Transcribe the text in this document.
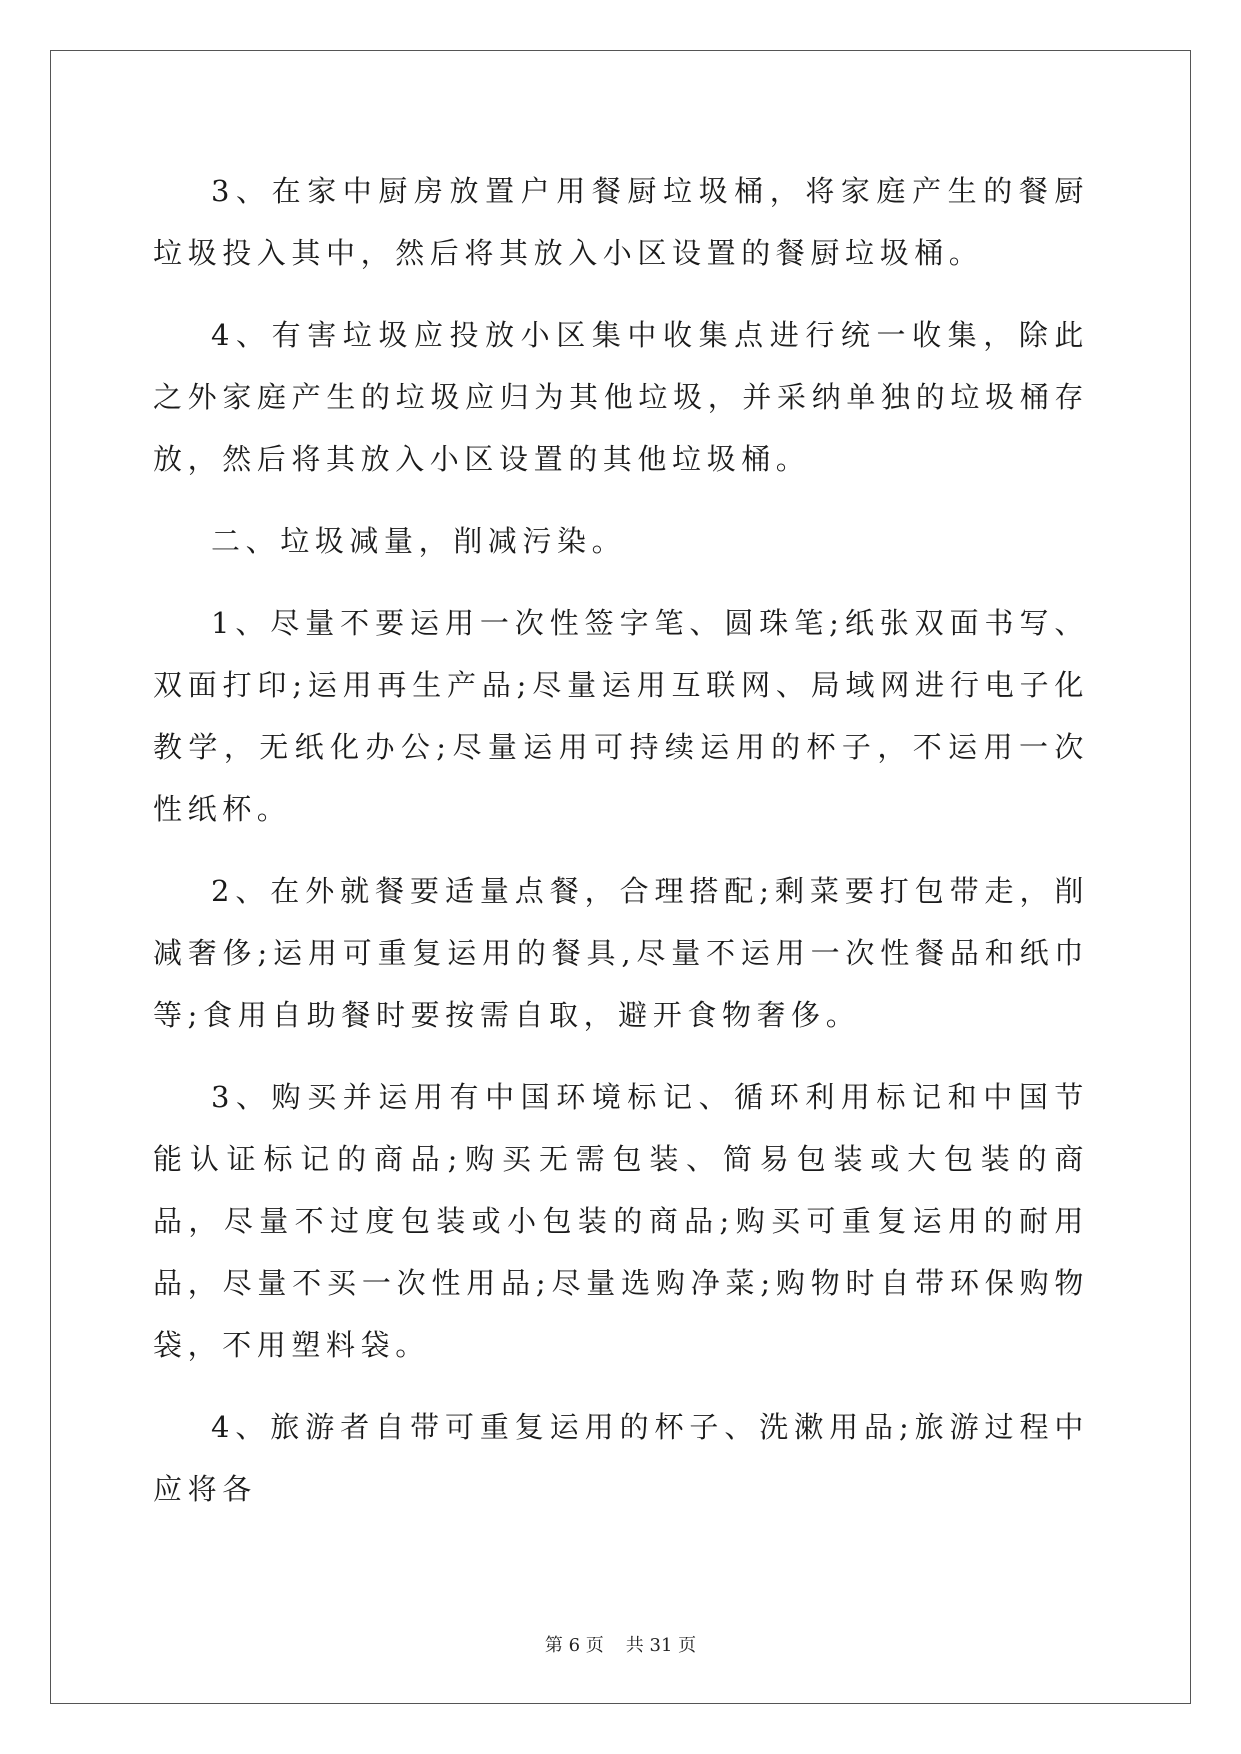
3、在家中厨房放置户用餐厨垃圾桶，将家庭产生的餐厨垃圾投入其中，然后将其放入小区设置的餐厨垃圾桶。

4、有害垃圾应投放小区集中收集点进行统一收集，除此之外家庭产生的垃圾应归为其他垃圾，并采纳单独的垃圾桶存放，然后将其放入小区设置的其他垃圾桶。

二、垃圾减量，削减污染。

1、尽量不要运用一次性签字笔、圆珠笔;纸张双面书写、双面打印;运用再生产品;尽量运用互联网、局域网进行电子化教学，无纸化办公;尽量运用可持续运用的杯子，不运用一次性纸杯。

2、在外就餐要适量点餐，合理搭配;剩菜要打包带走，削减奢侈;运用可重复运用的餐具,尽量不运用一次性餐品和纸巾等;食用自助餐时要按需自取，避开食物奢侈。

3、购买并运用有中国环境标记、循环利用标记和中国节能认证标记的商品;购买无需包装、简易包装或大包装的商品，尽量不过度包装或小包装的商品;购买可重复运用的耐用品，尽量不买一次性用品;尽量选购净菜;购物时自带环保购物袋，不用塑料袋。

4、旅游者自带可重复运用的杯子、洗漱用品;旅游过程中应将各

第 6 页 共 31 页
